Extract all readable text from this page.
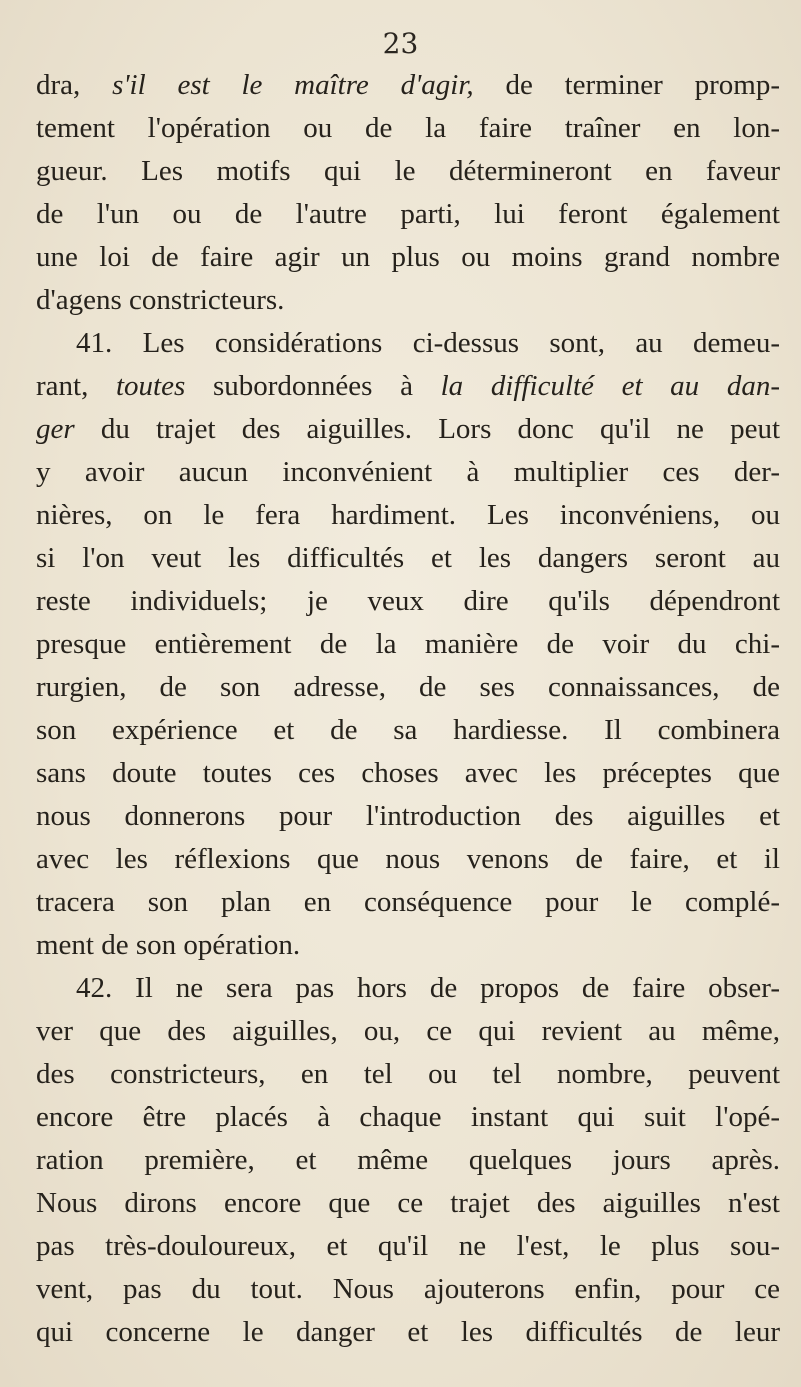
23
dra, s'il est le maître d'agir, de terminer promp-
tement l'opération ou de la faire traîner en lon-
gueur. Les motifs qui le détermineront en faveur
de l'un ou de l'autre parti, lui feront également
une loi de faire agir un plus ou moins grand nombre
d'agens constricteurs.
41. Les considérations ci-dessus sont, au demeu-
rant, toutes subordonnées à la difficulté et au dan-
ger du trajet des aiguilles. Lors donc qu'il ne peut
y avoir aucun inconvénient à multiplier ces der-
nières, on le fera hardiment. Les inconvéniens, ou
si l'on veut les difficultés et les dangers seront au
reste individuels; je veux dire qu'ils dépendront
presque entièrement de la manière de voir du chi-
rurgien, de son adresse, de ses connaissances, de
son expérience et de sa hardiesse. Il combinera
sans doute toutes ces choses avec les préceptes que
nous donnerons pour l'introduction des aiguilles et
avec les réflexions que nous venons de faire, et il
tracera son plan en conséquence pour le complé-
ment de son opération.
42. Il ne sera pas hors de propos de faire obser-
ver que des aiguilles, ou, ce qui revient au même,
des constricteurs, en tel ou tel nombre, peuvent
encore être placés à chaque instant qui suit l'opé-
ration première, et même quelques jours après.
Nous dirons encore que ce trajet des aiguilles n'est
pas très-douloureux, et qu'il ne l'est, le plus sou-
vent, pas du tout. Nous ajouterons enfin, pour ce
qui concerne le danger et les difficultés de leur
